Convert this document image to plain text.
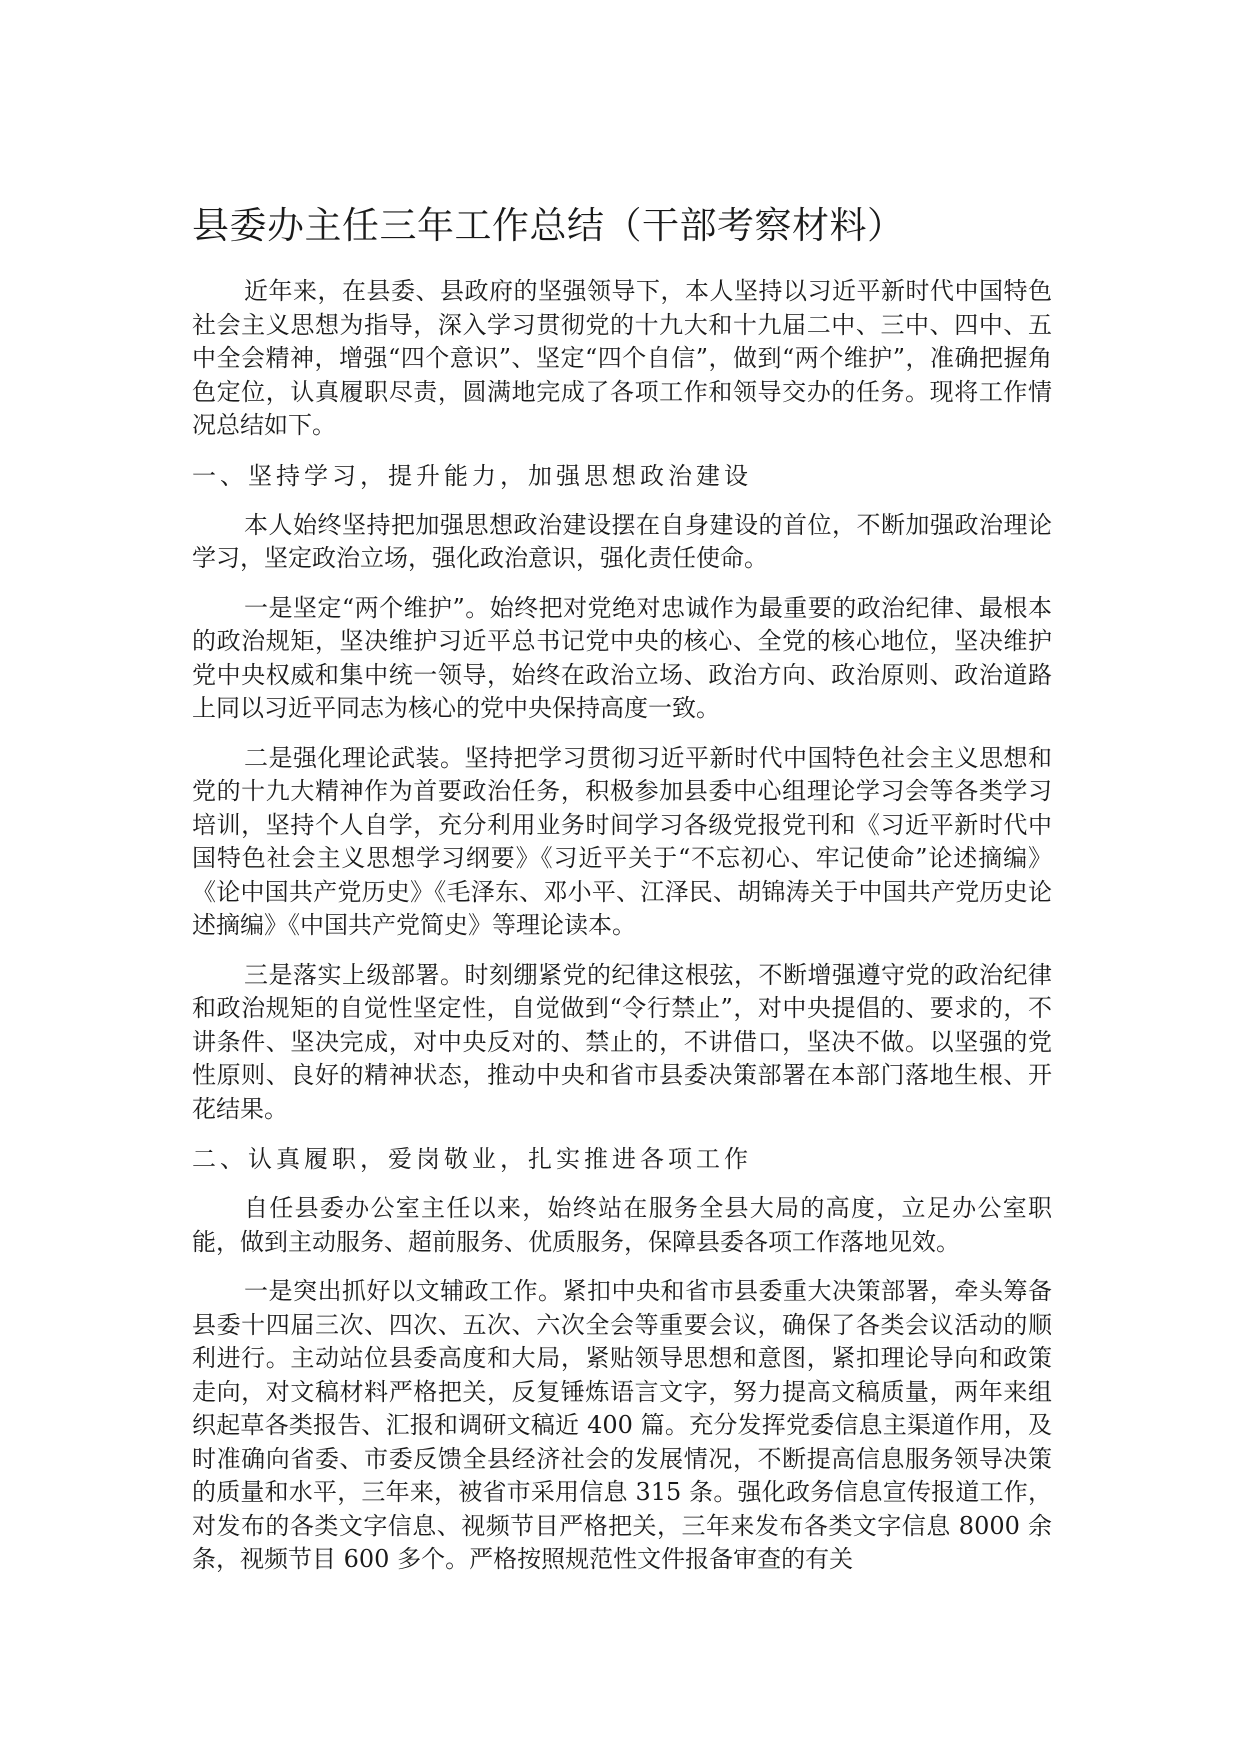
县委办主任三年工作总结（干部考察材料）

近年来，在县委、县政府的坚强领导下，本人坚持以习近平新时代中国特色社会主义思想为指导，深入学习贯彻党的十九大和十九届二中、三中、四中、五中全会精神，增强“四个意识”、坚定“四个自信”，做到“两个维护”，准确把握角色定位，认真履职尽责，圆满地完成了各项工作和领导交办的任务。现将工作情况总结如下。

一、坚持学习，提升能力，加强思想政治建设

本人始终坚持把加强思想政治建设摆在自身建设的首位，不断加强政治理论学习，坚定政治立场，强化政治意识，强化责任使命。

一是坚定“两个维护”。始终把对党绝对忠诚作为最重要的政治纪律、最根本的政治规矩，坚决维护习近平总书记党中央的核心、全党的核心地位，坚决维护党中央权威和集中统一领导，始终在政治立场、政治方向、政治原则、政治道路上同以习近平同志为核心的党中央保持高度一致。

二是强化理论武装。坚持把学习贯彻习近平新时代中国特色社会主义思想和党的十九大精神作为首要政治任务，积极参加县委中心组理论学习会等各类学习培训，坚持个人自学，充分利用业务时间学习各级党报党刊和《习近平新时代中国特色社会主义思想学习纲要》《习近平关于“不忘初心、牢记使命”论述摘编》《论中国共产党历史》《毛泽东、邓小平、江泽民、胡锦涛关于中国共产党历史论述摘编》《中国共产党简史》等理论读本。

三是落实上级部署。时刻绷紧党的纪律这根弦，不断增强遵守党的政治纪律和政治规矩的自觉性坚定性，自觉做到“令行禁止”，对中央提倡的、要求的，不讲条件、坚决完成，对中央反对的、禁止的，不讲借口，坚决不做。以坚强的党性原则、良好的精神状态，推动中央和省市县委决策部署在本部门落地生根、开花结果。

二、认真履职，爱岗敬业，扎实推进各项工作

自任县委办公室主任以来，始终站在服务全县大局的高度，立足办公室职能，做到主动服务、超前服务、优质服务，保障县委各项工作落地见效。

一是突出抓好以文辅政工作。紧扣中央和省市县委重大决策部署，牵头筹备县委十四届三次、四次、五次、六次全会等重要会议，确保了各类会议活动的顺利进行。主动站位县委高度和大局，紧贴领导思想和意图，紧扣理论导向和政策走向，对文稿材料严格把关，反复锤炼语言文字，努力提高文稿质量，两年来组织起草各类报告、汇报和调研文稿近 400 篇。充分发挥党委信息主渠道作用，及时准确向省委、市委反馈全县经济社会的发展情况，不断提高信息服务领导决策的质量和水平，三年来，被省市采用信息 315 条。强化政务信息宣传报道工作，对发布的各类文字信息、视频节目严格把关，三年来发布各类文字信息 8000 余条，视频节目 600 多个。严格按照规范性文件报备审查的有关
